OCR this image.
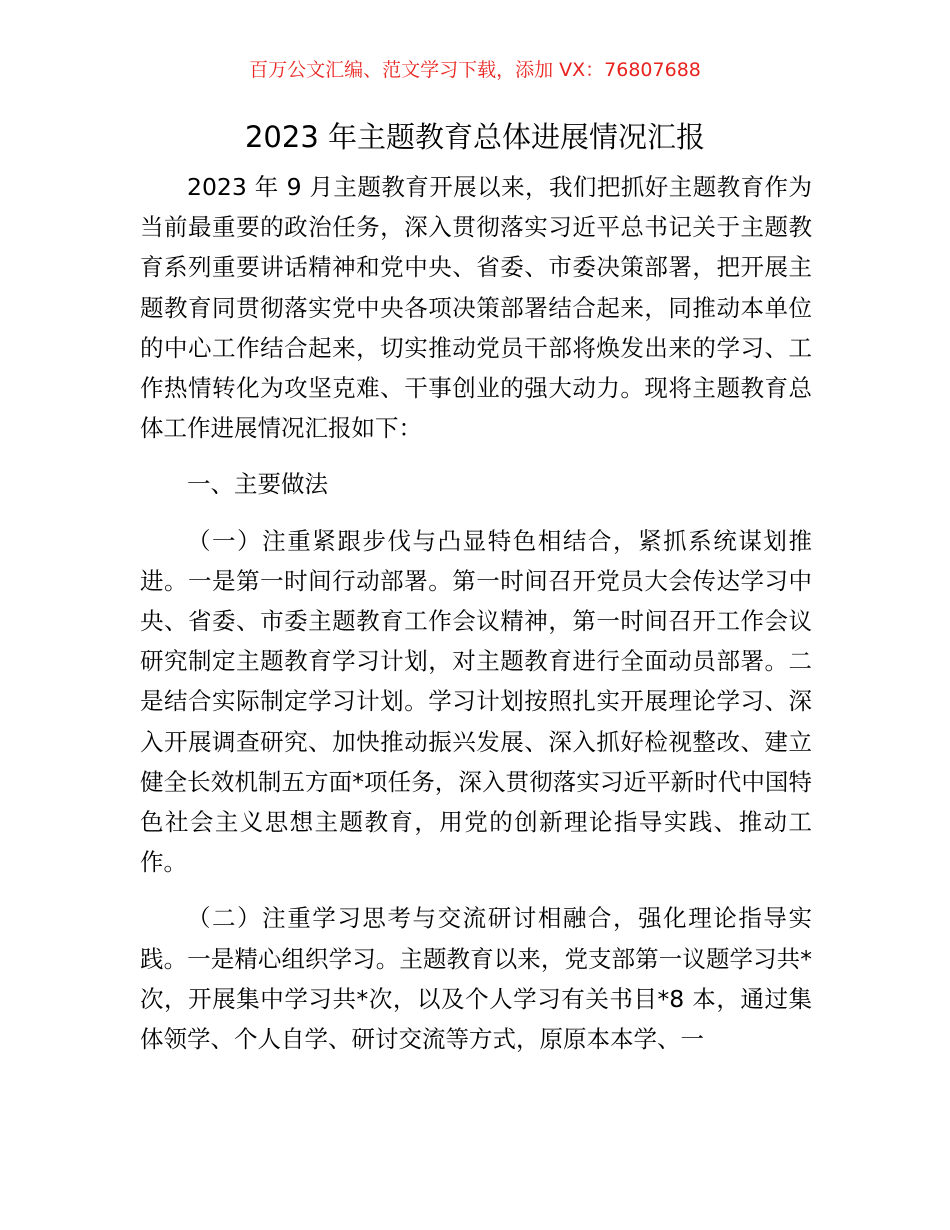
百万公文汇编、范文学习下载，添加 VX：76807688
2023 年主题教育总体进展情况汇报

2023 年 9 月主题教育开展以来，我们把抓好主题教育作为当前最重要的政治任务，深入贯彻落实习近平总书记关于主题教育系列重要讲话精神和党中央、省委、市委决策部署，把开展主题教育同贯彻落实党中央各项决策部署结合起来，同推动本单位的中心工作结合起来，切实推动党员干部将焕发出来的学习、工作热情转化为攻坚克难、干事创业的强大动力。现将主题教育总体工作进展情况汇报如下：

一、主要做法

（一）注重紧跟步伐与凸显特色相结合，紧抓系统谋划推进。一是第一时间行动部署。第一时间召开党员大会传达学习中央、省委、市委主题教育工作会议精神，第一时间召开工作会议研究制定主题教育学习计划，对主题教育进行全面动员部署。二是结合实际制定学习计划。学习计划按照扎实开展理论学习、深入开展调查研究、加快推动振兴发展、深入抓好检视整改、建立健全长效机制五方面*项任务，深入贯彻落实习近平新时代中国特色社会主义思想主题教育，用党的创新理论指导实践、推动工作。

（二）注重学习思考与交流研讨相融合，强化理论指导实践。一是精心组织学习。主题教育以来，党支部第一议题学习共*次，开展集中学习共*次，以及个人学习有关书目*8 本，通过集体领学、个人自学、研讨交流等方式，原原本本学、一
